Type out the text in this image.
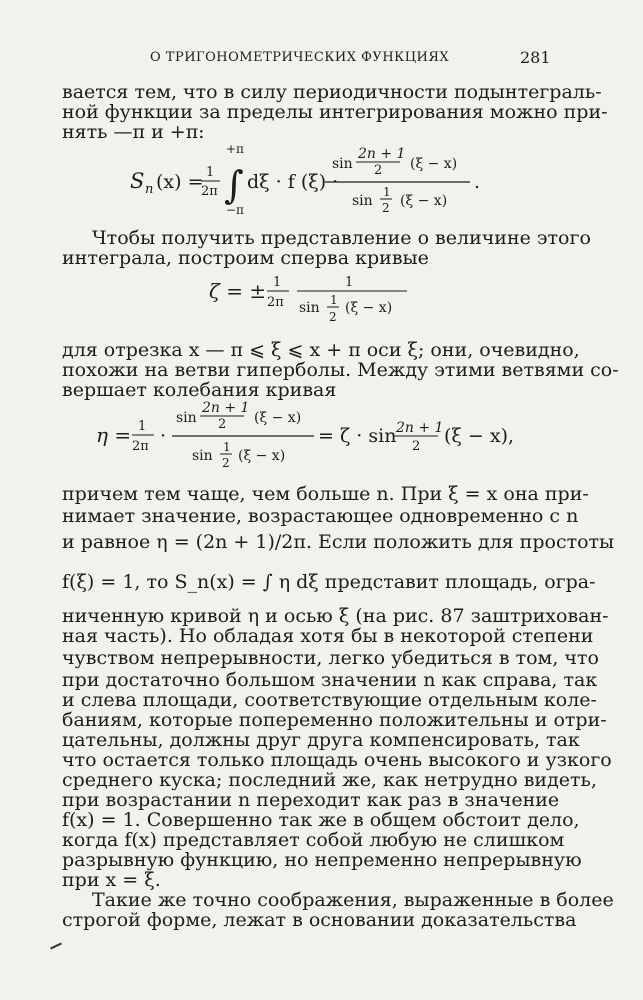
О ТРИГОНОМЕТРИЧЕСКИХ ФУНКЦИЯХ	281
вается тем, что в силу периодичности подынтеграль-
ной функции за пределы интегрирования можно при-
нять —π и +π:
S n (x) = 1
2π
+π
∫
−π
dξ · f (ξ) ·
sin
2n + 1
2 (ξ − x)
sin
1
2 (ξ − x)
.
Чтобы получить представление о величине этого
интеграла, построим сперва кривые
ζ = ± 1
2π
1
sin 1
2
(ξ − x)
для отрезка x — π ⩽ ξ ⩽ x + π оси ξ; они, очевидно,
похожи на ветви гиперболы. Между этими ветвями со-
вершает колебания кривая
η = 1
2π ·
sin
2n + 1
2 (ξ − x)
sin
1
2 (ξ − x)
= ζ · sin 2n + 1
2 (ξ − x),
причем тем чаще, чем больше n. При ξ = x она при-
нимает значение, возрастающее одновременно с n
и равное η = (2n + 1)/2π. Если положить для простоты
f(ξ) = 1, то S_n(x) = ∫ η dξ представит площадь, огра-
ниченную кривой η и осью ξ (на рис. 87 заштрихован-
ная часть). Но обладая хотя бы в некоторой степени
чувством непрерывности, легко убедиться в том, что
при достаточно большом значении n как справа, так
и слева площади, соответствующие отдельным коле-
баниям, которые попеременно положительны и отри-
цательны, должны друг друга компенсировать, так
что остается только площадь очень высокого и узкого
среднего куска; последний же, как нетрудно видеть,
при возрастании n переходит как раз в значение
f(x) = 1. Совершенно так же в общем обстоит дело,
когда f(x) представляет собой любую не слишком
разрывную функцию, но непременно непрерывную
при x = ξ.
Такие же точно соображения, выраженные в более
строгой форме, лежат в основании доказательства
